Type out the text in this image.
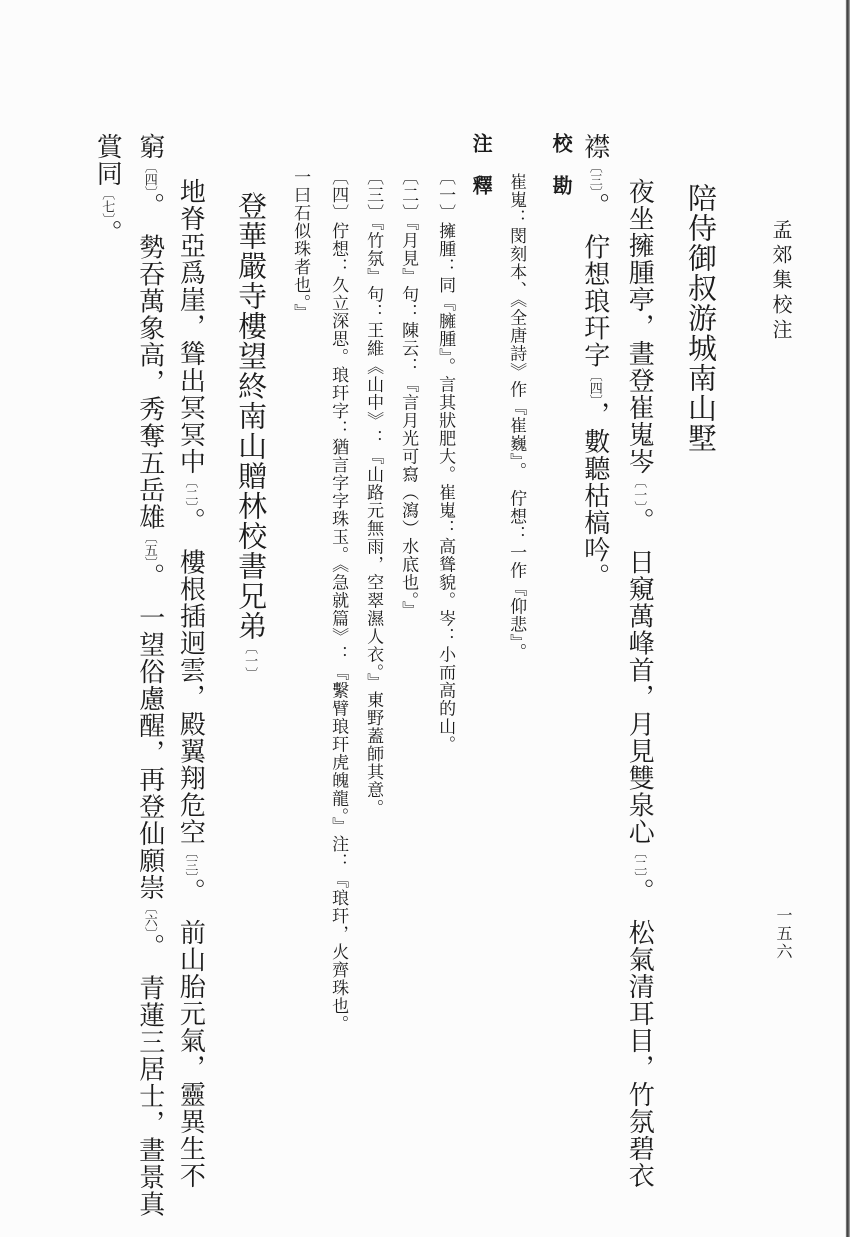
孟郊集校注
一五六
陪侍御叔游城南山墅
夜坐擁腫亭，晝登崔嵬岑〔一〕。　日窺萬峰首，月見雙泉心〔二〕。　松氣清耳目，竹氛碧衣
襟〔三〕。　佇想琅玕字〔四〕，數聽枯槁吟。
校勘
崔嵬：閔刻本、《全唐詩》作『崔巍』。　佇想：一作『仰悲』。
注釋
〔一〕擁腫：同『臃腫』。言其狀肥大。崔嵬：高聳貌。岑：小而高的山。
〔二〕『月見』句：陳云：『言月光可寫（瀉）水底也。』
〔三〕『竹氛』句：王維《山中》：『山路元無雨，空翠濕人衣。』東野蓋師其意。
〔四〕佇想：久立深思。琅玕字：猶言字字珠玉。《急就篇》：『繫臂琅玕虎魄龍。』注：『琅玕，火齊珠也。
一曰石似珠者也。』
登華嚴寺樓望終南山贈林校書兄弟〔一〕
地脊亞爲崖，聳出冥冥中〔二〕。　樓根插迥雲，殿翼翔危空〔三〕。　前山胎元氣，靈異生不
窮〔四〕。　勢吞萬象高，秀奪五岳雄〔五〕。　一望俗慮醒，再登仙願崇〔六〕。　青蓮三居士，晝景真
賞同〔七〕。
